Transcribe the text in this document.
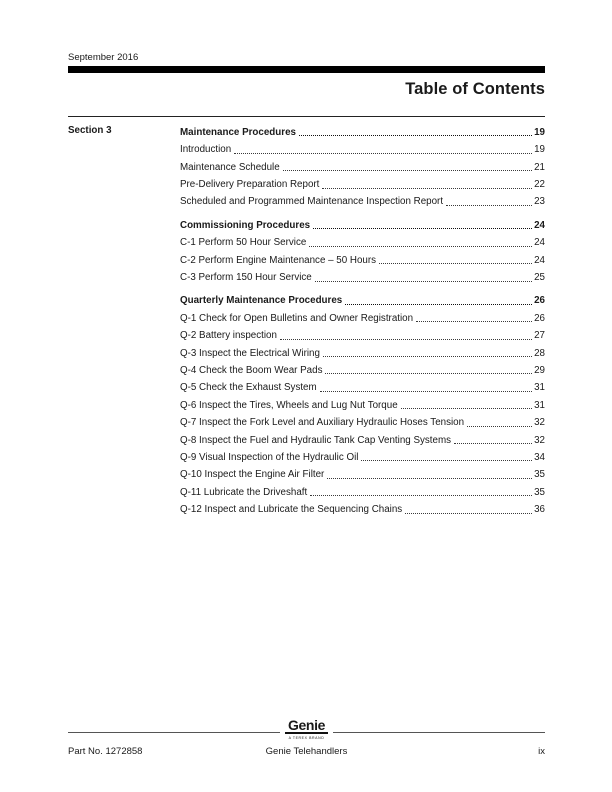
September 2016
Table of Contents
Section 3	Maintenance Procedures	19
Introduction	19
Maintenance Schedule	21
Pre-Delivery Preparation Report	22
Scheduled and Programmed Maintenance Inspection Report	23
Commissioning Procedures	24
C-1 Perform 50 Hour Service	24
C-2 Perform Engine Maintenance – 50 Hours	24
C-3 Perform 150 Hour Service	25
Quarterly Maintenance Procedures	26
Q-1 Check for Open Bulletins and Owner Registration	26
Q-2 Battery inspection	27
Q-3 Inspect the Electrical Wiring	28
Q-4 Check the Boom Wear Pads	29
Q-5 Check the Exhaust System	31
Q-6 Inspect the Tires, Wheels and Lug Nut Torque	31
Q-7 Inspect the Fork Level and Auxiliary Hydraulic Hoses Tension	32
Q-8 Inspect the Fuel and Hydraulic Tank Cap Venting Systems	32
Q-9 Visual Inspection of the Hydraulic Oil	34
Q-10 Inspect the Engine Air Filter	35
Q-11 Lubricate the Driveshaft	35
Q-12 Inspect and Lubricate the Sequencing Chains	36
Genie
A TEREX BRAND
Part No. 1272858	Genie Telehandlers	ix
